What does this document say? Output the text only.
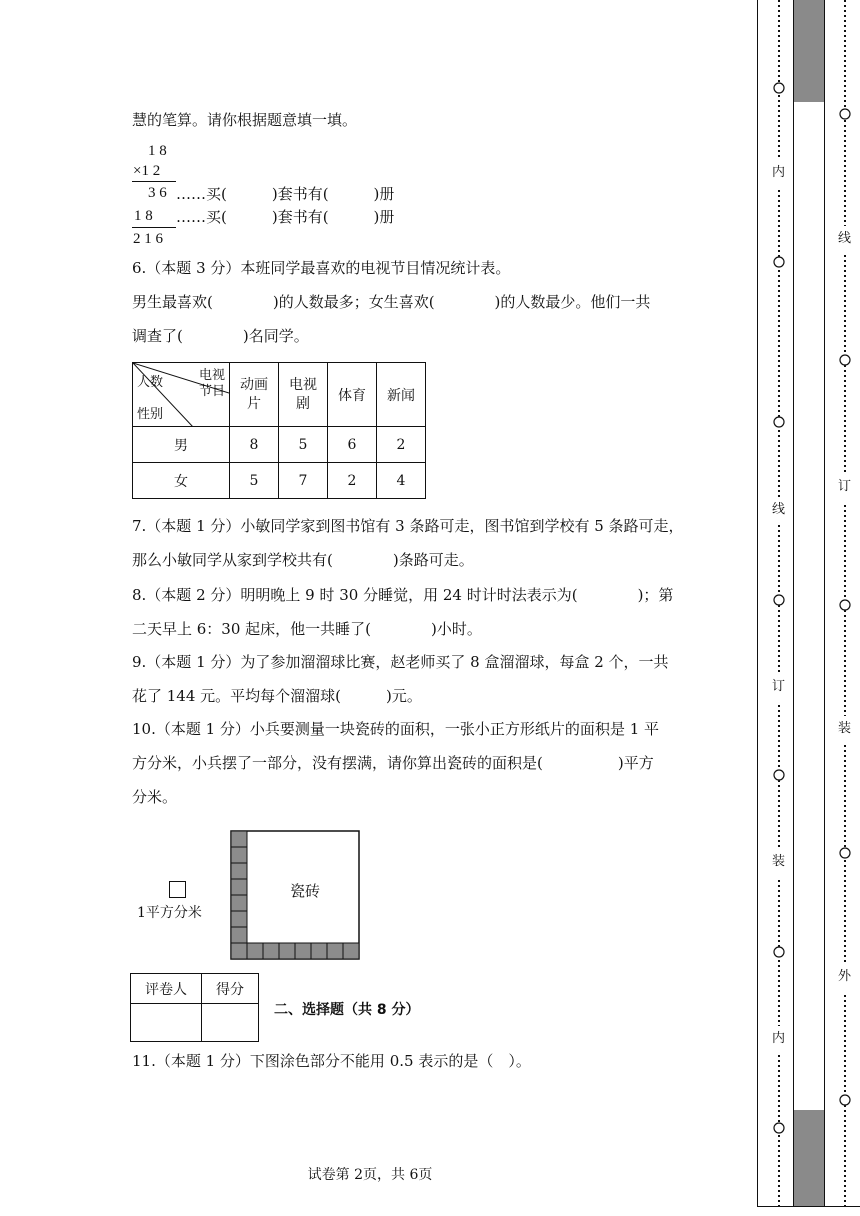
慧的笔算。请你根据题意填一填。
1 8
×1 2
3 6 ……买(　　　)套书有(　　　)册
1 8 ……买(　　　)套书有(　　　)册
2 1 6
6.（本题 3 分）本班同学最喜欢的电视节目情况统计表。
男生最喜欢(　　　　)的人数最多；女生喜欢(　　　　)的人数最少。他们一共
调查了(　　　　)名同学。
电视
节目
人数
性别	动画片	电视剧	体育	新闻
男	8	5	6	2
女	5	7	2	4
7.（本题 1 分）小敏同学家到图书馆有 3 条路可走，图书馆到学校有 5 条路可走，
那么小敏同学从家到学校共有(　　　　)条路可走。
8.（本题 2 分）明明晚上 9 时 30 分睡觉，用 24 时计时法表示为(　　　　)；第
二天早上 6：30 起床，他一共睡了(　　　　)小时。
9.（本题 1 分）为了参加溜溜球比赛，赵老师买了 8 盒溜溜球，每盒 2 个，一共
花了 144 元。平均每个溜溜球(　　　)元。
10.（本题 1 分）小兵要测量一块瓷砖的面积，一张小正方形纸片的面积是 1 平
方分米，小兵摆了一部分，没有摆满，请你算出瓷砖的面积是(　　　　　)平方
分米。
1平方分米
瓷砖
评卷人	得分

二、选择题（共 8 分）
11.（本题 1 分）下图涂色部分不能用 0.5 表示的是（　）。
试卷第 2页，共 6页
内
线
订
装
内
线
订
装
外
